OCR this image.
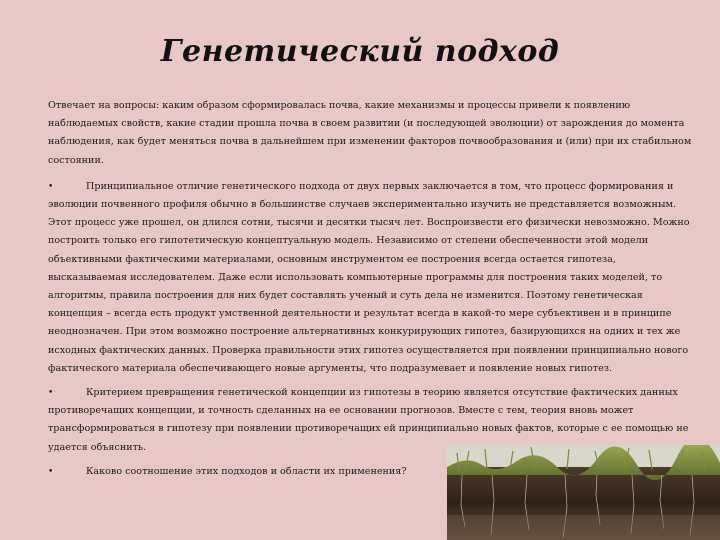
Генетический подход

Отвечает на вопросы: каким образом сформировалась почва, какие механизмы и процессы привели к появлению наблюдаемых свойств, какие стадии прошла почва в своем развитии (и последующей эволюции) от зарождения до момента наблюдения, как будет меняться почва в дальнейшем при изменении факторов почвообразования и (или) при их стабильном состоянии.

•	Принципиальное отличие генетического подхода от двух первых заключается в том, что процесс формирования и эволюции почвенного профиля обычно в большинстве случаев экспериментально изучить не представляется возможным. Этот процесс уже прошел, он длился сотни, тысячи и десятки тысяч лет. Воспроизвести его физически невозможно. Можно построить только его гипотетическую концептуальную модель. Независимо от степени обеспеченности этой модели объективными фактическими материалами, основным инструментом ее построения всегда остается гипотеза, высказываемая исследователем. Даже если использовать компьютерные программы для построения таких моделей, то алгоритмы, правила построения для них будет составлять ученый и суть дела не изменится. Поэтому генетическая концепция – всегда есть продукт умственной деятельности и результат всегда в какой-то мере субъективен и в принципе неоднозначен. При этом возможно построение альтернативных конкурирующих гипотез, базирующихся на одних и тех же исходных фактических данных. Проверка правильности этих гипотез осуществляется при появлении принципиально нового фактического материала обеспечивающего новые аргументы, что подразумевает и появление новых гипотез.

•	Критерием превращения генетической концепции из гипотезы в теорию является отсутствие фактических данных противоречащих концепции, и точность сделанных на ее основании прогнозов. Вместе с тем, теория вновь может трансформироваться в гипотезу при появлении противоречащих ей принципиально новых фактов, которые с ее помощью не удается объяснить.

•	Каково соотношение этих подходов и области их применения?
